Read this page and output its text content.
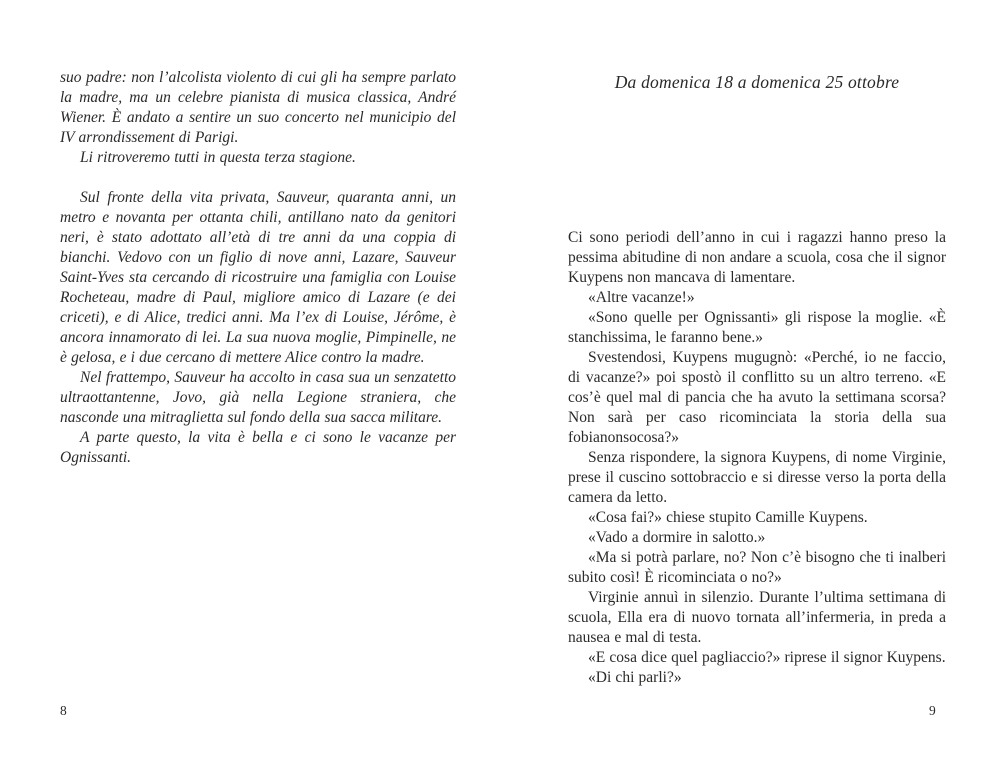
suo padre: non l’alcolista violento di cui gli ha sempre parlato la madre, ma un celebre pianista di musica classica, André Wiener. È andato a sentire un suo concerto nel municipio del IV arrondissement di Parigi.

Li ritroveremo tutti in questa terza stagione.

Sul fronte della vita privata, Sauveur, quaranta anni, un metro e novanta per ottanta chili, antillano nato da genitori neri, è stato adottato all’età di tre anni da una coppia di bianchi. Vedovo con un figlio di nove anni, Lazare, Sauveur Saint-Yves sta cercando di ricostruire una famiglia con Louise Rocheteau, madre di Paul, migliore amico di Lazare (e dei criceti), e di Alice, tredici anni. Ma l’ex di Louise, Jérôme, è ancora innamorato di lei. La sua nuova moglie, Pimpinelle, ne è gelosa, e i due cercano di mettere Alice contro la madre.

Nel frattempo, Sauveur ha accolto in casa sua un senzatetto ultraottantenne, Jovo, già nella Legione straniera, che nasconde una mitraglietta sul fondo della sua sacca militare.

A parte questo, la vita è bella e ci sono le vacanze per Ognissanti.

8
Da domenica 18 a domenica 25 ottobre

Ci sono periodi dell’anno in cui i ragazzi hanno preso la pessima abitudine di non andare a scuola, cosa che il signor Kuypens non mancava di lamentare.

«Altre vacanze!»

«Sono quelle per Ognissanti» gli rispose la moglie. «È stanchissima, le faranno bene.»

Svestendosi, Kuypens mugugnò: «Perché, io ne faccio, di vacanze?» poi spostò il conflitto su un altro terreno. «E cos’è quel mal di pancia che ha avuto la settimana scorsa? Non sarà per caso ricominciata la storia della sua fobianonsocosa?»

Senza rispondere, la signora Kuypens, di nome Virginie, prese il cuscino sottobraccio e si diresse verso la porta della camera da letto.

«Cosa fai?» chiese stupito Camille Kuypens.

«Vado a dormire in salotto.»

«Ma si potrà parlare, no? Non c’è bisogno che ti inalberi subito così! È ricominciata o no?»

Virginie annuì in silenzio. Durante l’ultima settimana di scuola, Ella era di nuovo tornata all’infermeria, in preda a nausea e mal di testa.

«E cosa dice quel pagliaccio?» riprese il signor Kuypens.

«Di chi parli?»

9
